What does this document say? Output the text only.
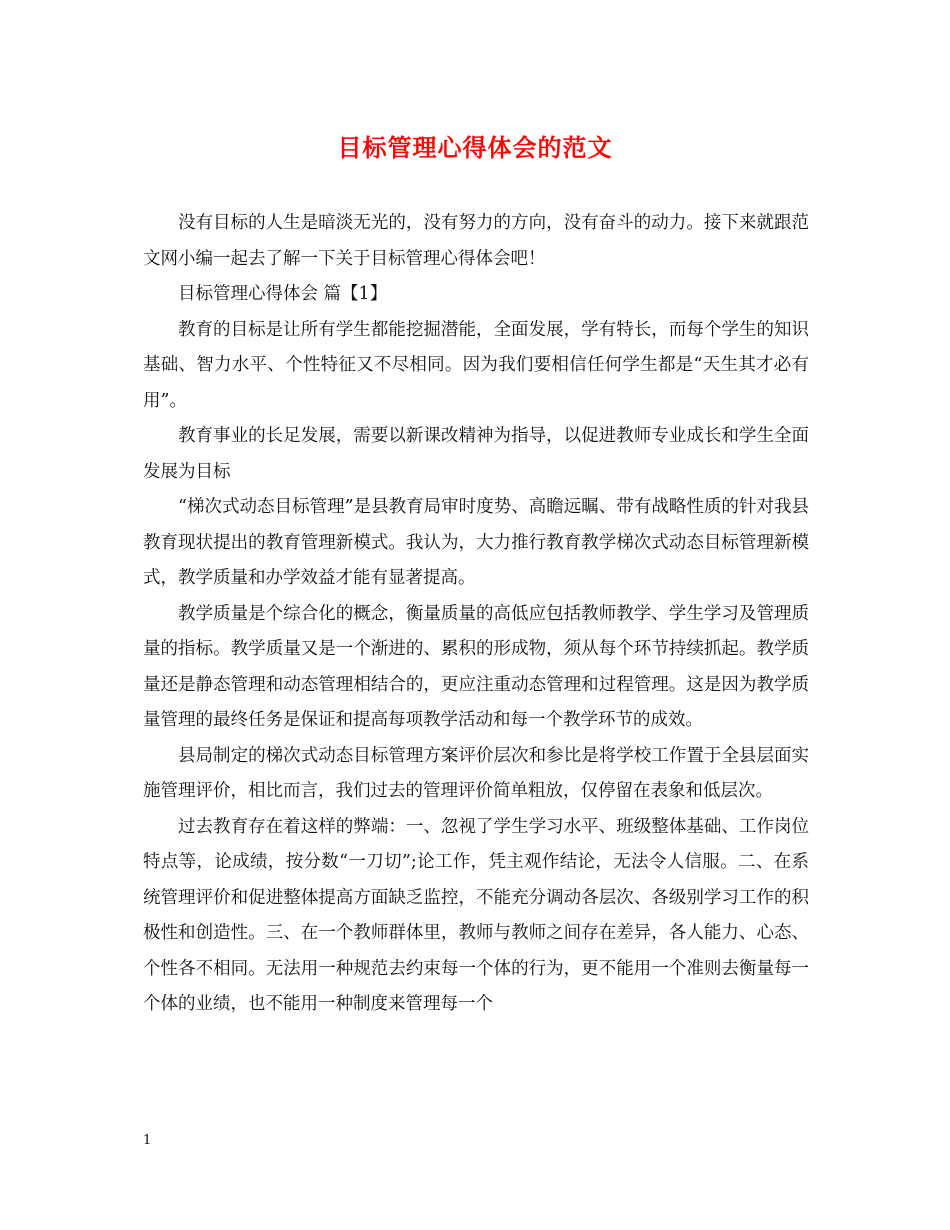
目标管理心得体会的范文

没有目标的人生是暗淡无光的，没有努力的方向，没有奋斗的动力。接下来就跟范文网小编一起去了解一下关于目标管理心得体会吧！

目标管理心得体会 篇【1】

教育的目标是让所有学生都能挖掘潜能，全面发展，学有特长，而每个学生的知识基础、智力水平、个性特征又不尽相同。因为我们要相信任何学生都是“天生其才必有用”。

教育事业的长足发展，需要以新课改精神为指导，以促进教师专业成长和学生全面发展为目标

“梯次式动态目标管理”是县教育局审时度势、高瞻远瞩、带有战略性质的针对我县教育现状提出的教育管理新模式。我认为，大力推行教育教学梯次式动态目标管理新模式，教学质量和办学效益才能有显著提高。

教学质量是个综合化的概念，衡量质量的高低应包括教师教学、学生学习及管理质量的指标。教学质量又是一个渐进的、累积的形成物，须从每个环节持续抓起。教学质量还是静态管理和动态管理相结合的，更应注重动态管理和过程管理。这是因为教学质量管理的最终任务是保证和提高每项教学活动和每一个教学环节的成效。

县局制定的梯次式动态目标管理方案评价层次和参比是将学校工作置于全县层面实施管理评价，相比而言，我们过去的管理评价简单粗放，仅停留在表象和低层次。

过去教育存在着这样的弊端：一、忽视了学生学习水平、班级整体基础、工作岗位特点等，论成绩，按分数“一刀切”;论工作，凭主观作结论，无法令人信服。二、在系统管理评价和促进整体提高方面缺乏监控，不能充分调动各层次、各级别学习工作的积极性和创造性。三、在一个教师群体里，教师与教师之间存在差异，各人能力、心态、个性各不相同。无法用一种规范去约束每一个体的行为，更不能用一个准则去衡量每一个体的业绩，也不能用一种制度来管理每一个

1
